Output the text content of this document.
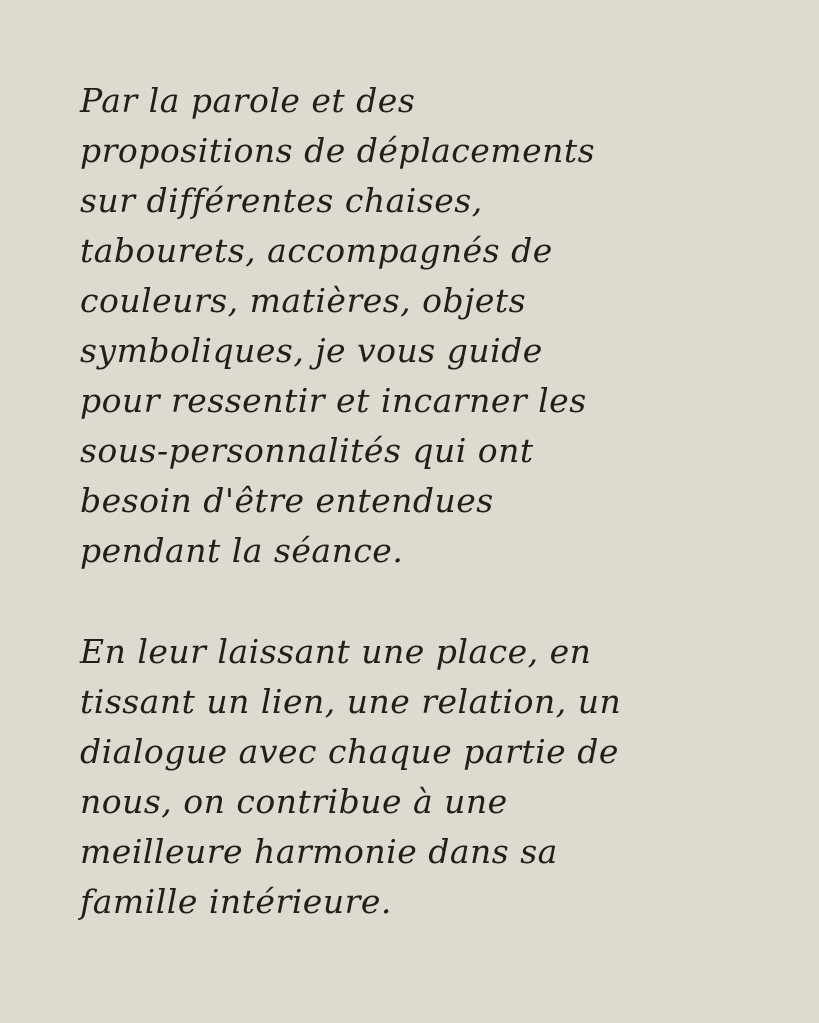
Par la parole et des
propositions de déplacements
sur différentes chaises,
tabourets, accompagnés de
couleurs, matières, objets
symboliques, je vous guide
pour ressentir et incarner les
sous-personnalités qui ont
besoin d'être entendues
pendant la séance.
En leur laissant une place, en
tissant un lien, une relation, un
dialogue avec chaque partie de
nous, on contribue à une
meilleure harmonie dans sa
famille intérieure.
